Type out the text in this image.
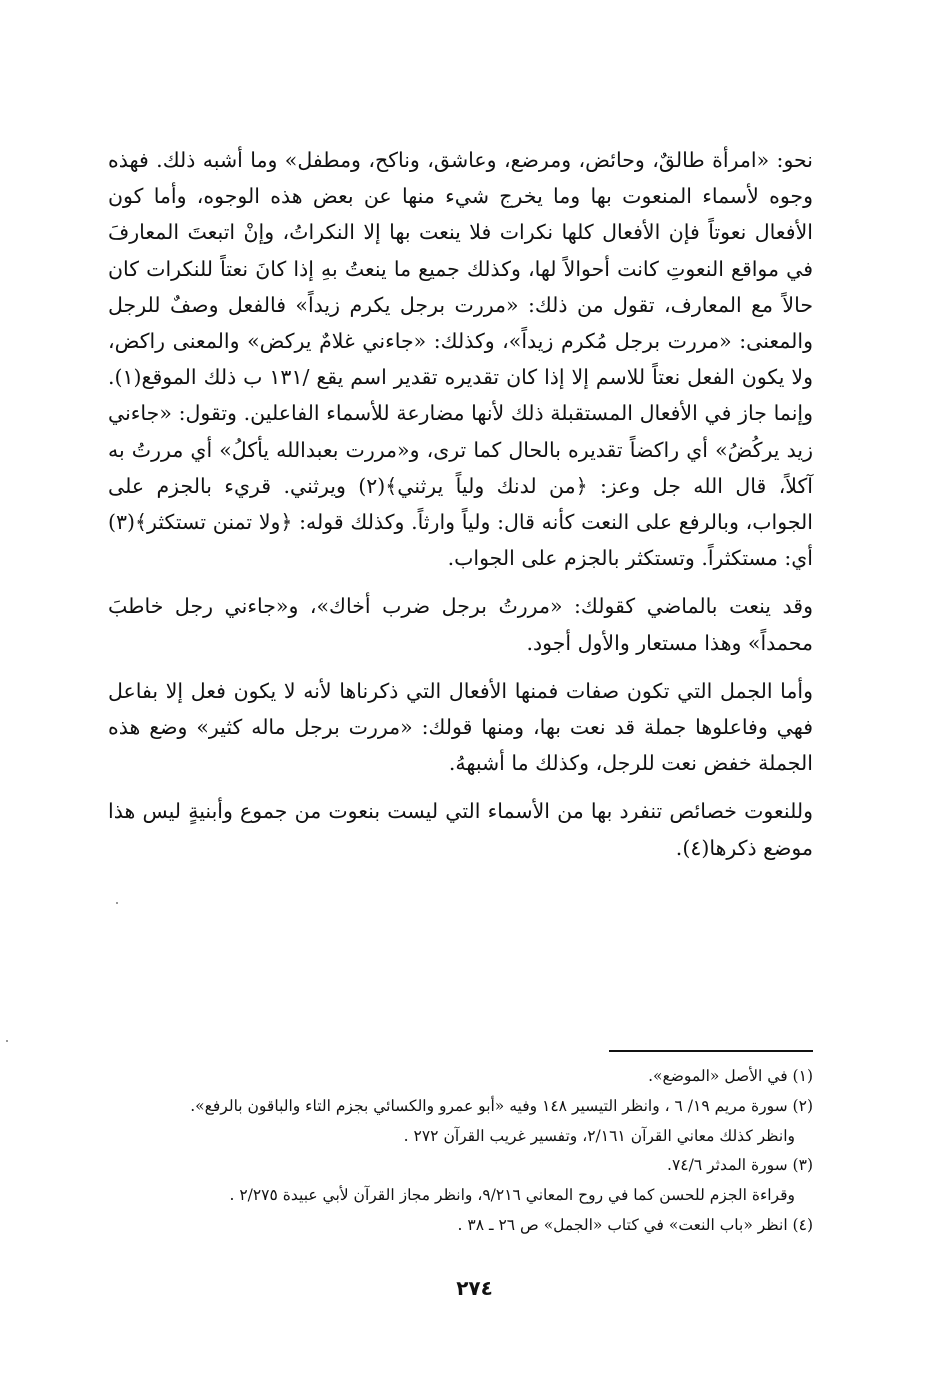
نحو: «امرأة طالقٌ، وحائض، ومرضع، وعاشق، وناكح، ومطفل» وما أشبه ذلك. فهذه وجوه لأسماء المنعوت بها وما يخرج شيء منها عن بعض هذه الوجوه، وأما كون الأفعال نعوتاً فإن الأفعال كلها نكرات فلا ينعت بها إلا النكراتُ، وإنْ اتبعتَ المعارفَ في مواقع النعوتِ كانت أحوالاً لها، وكذلك جميع ما ينعتُ بهِ إذا كانَ نعتاً للنكرات كان حالاً مع المعارف، تقول من ذلك: «مررت برجل يكرم زيداً» فالفعل وصفٌ للرجل والمعنى: «مررت برجل مُكرم زيداً»، وكذلك: «جاءني غلامٌ يركض» والمعنى راكض، ولا يكون الفعل نعتاً للاسم إلا إذا كان تقديره تقدير اسم يقع /١٣١ ب ذلك الموقع(١). وإنما جاز في الأفعال المستقبلة ذلك لأنها مضارعة للأسماء الفاعلين. وتقول: «جاءني زيد يركُضُ» أي راكضاً تقديره بالحال كما ترى، و«مررت بعبدالله يأكلُ» أي مررتُ به آكلاً، قال الله جل وعز: ﴿من لدنك ولياً يرثني﴾(٢) ويرثني. قريء بالجزم على الجواب، وبالرفع على النعت كأنه قال: ولياً وارثاً. وكذلك قوله: ﴿ولا تمنن تستكثر﴾(٣) أي: مستكثراً. وتستكثر بالجزم على الجواب.

وقد ينعت بالماضي كقولك: «مررتُ برجل ضرب أخاك»، و«جاءني رجل خاطبَ محمداً» وهذا مستعار والأول أجود.

وأما الجمل التي تكون صفات فمنها الأفعال التي ذكرناها لأنه لا يكون فعل إلا بفاعل فهي وفاعلوها جملة قد نعت بها، ومنها قولك: «مررت برجل ماله كثير» وضع هذه الجملة خفض نعت للرجل، وكذلك ما أشبههُ.

وللنعوت خصائص تنفرد بها من الأسماء التي ليست بنعوت من جموع وأبنيةٍ ليس هذا موضع ذكرها(٤).

(١) في الأصل «الموضع».
(٢) سورة مريم ١٩/ ٦ ، وانظر التيسير ١٤٨ وفيه «أبو عمرو والكسائي بجزم التاء والباقون بالرفع».
وانظر كذلك معاني القرآن ٢/١٦١، وتفسير غريب القرآن ٢٧٢ .
(٣) سورة المدثر ٧٤/٦.
وقراءة الجزم للحسن كما في روح المعاني ٩/٢١٦، وانظر مجاز القرآن لأبي عبيدة ٢/٢٧٥ .
(٤) انظر «باب النعت» في كتاب «الجمل» ص ٢٦ ـ ٣٨ .
٢٧٤
